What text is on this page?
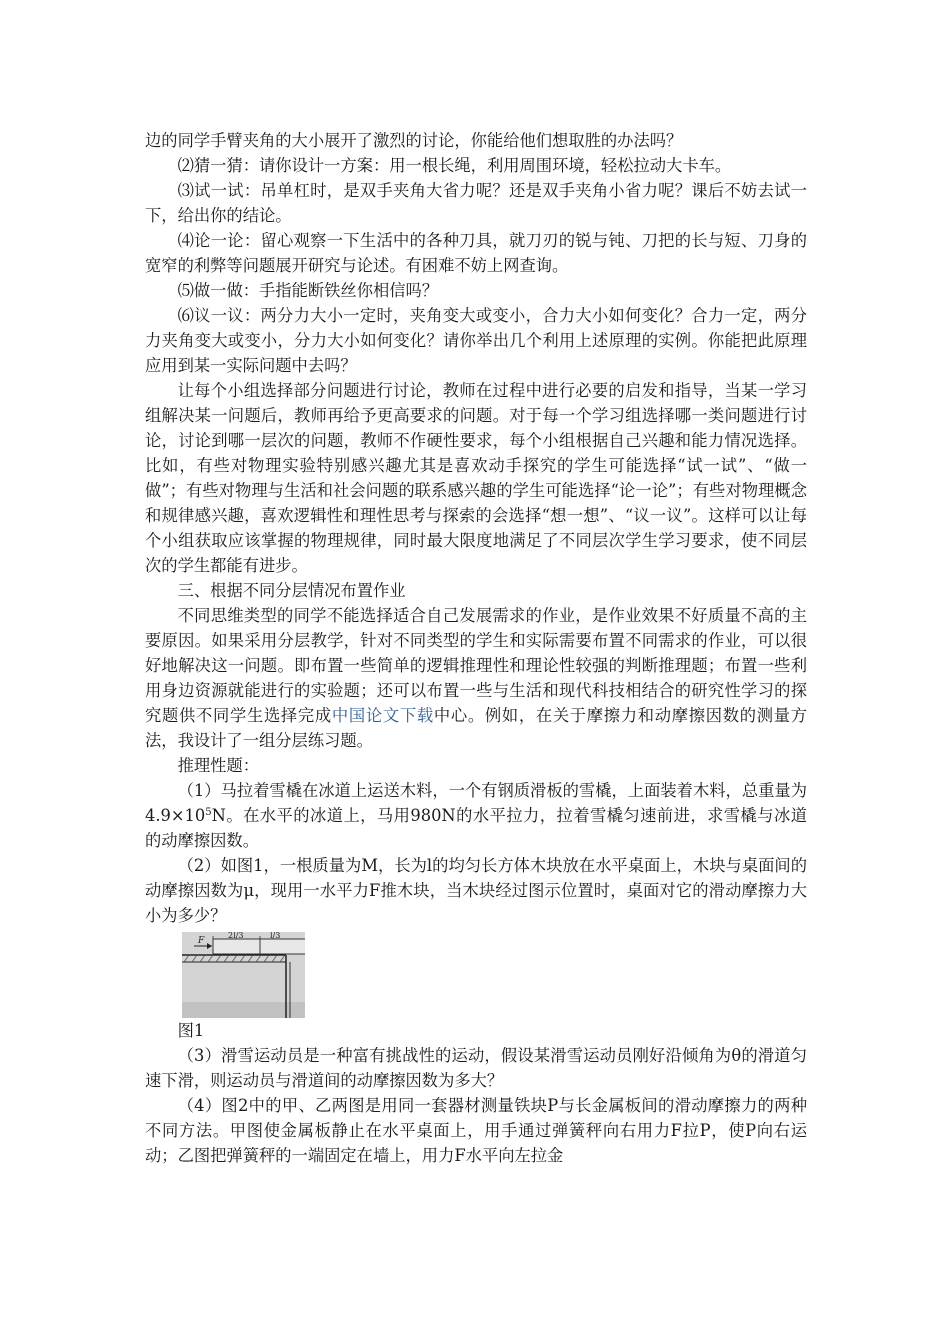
边的同学手臂夹角的大小展开了激烈的讨论，你能给他们想取胜的办法吗？

⑵猜一猜：请你设计一方案：用一根长绳，利用周围环境，轻松拉动大卡车。

⑶试一试：吊单杠时，是双手夹角大省力呢？还是双手夹角小省力呢？课后不妨去试一下，给出你的结论。

⑷论一论：留心观察一下生活中的各种刀具，就刀刃的锐与钝、刀把的长与短、刀身的宽窄的利弊等问题展开研究与论述。有困难不妨上网查询。

⑸做一做：手指能断铁丝你相信吗？

⑹议一议：两分力大小一定时，夹角变大或变小，合力大小如何变化？合力一定，两分力夹角变大或变小，分力大小如何变化？请你举出几个利用上述原理的实例。你能把此原理应用到某一实际问题中去吗？

让每个小组选择部分问题进行讨论，教师在过程中进行必要的启发和指导，当某一学习组解决某一问题后，教师再给予更高要求的问题。对于每一个学习组选择哪一类问题进行讨论，讨论到哪一层次的问题，教师不作硬性要求，每个小组根据自己兴趣和能力情况选择。比如，有些对物理实验特别感兴趣尤其是喜欢动手探究的学生可能选择“试一试”、“做一做”；有些对物理与生活和社会问题的联系感兴趣的学生可能选择“论一论”；有些对物理概念和规律感兴趣，喜欢逻辑性和理性思考与探索的会选择“想一想”、“议一议”。这样可以让每个小组获取应该掌握的物理规律，同时最大限度地满足了不同层次学生学习要求，使不同层次的学生都能有进步。

三、根据不同分层情况布置作业

不同思维类型的同学不能选择适合自己发展需求的作业，是作业效果不好质量不高的主要原因。如果采用分层教学，针对不同类型的学生和实际需要布置不同需求的作业，可以很好地解决这一问题。即布置一些简单的逻辑推理性和理论性较强的判断推理题；布置一些利用身边资源就能进行的实验题；还可以布置一些与生活和现代科技相结合的研究性学习的探究题供不同学生选择完成中国论文下载中心。例如，在关于摩擦力和动摩擦因数的测量方法，我设计了一组分层练习题。

推理性题：

（1）马拉着雪橇在冰道上运送木料，一个有钢质滑板的雪橇，上面装着木料，总重量为$4.9\times 10^5N$。在水平的冰道上，马用980N的水平拉力，拉着雪橇匀速前进，求雪橇与冰道的动摩擦因数。

（2）如图1，一根质量为M，长为l的均匀长方体木块放在水平桌面上，木块与桌面间的动摩擦因数为μ，现用一水平力F推木块，当木块经过图示位置时，桌面对它的滑动摩擦力大小为多少？

F
2l/3	l/3

图1

（3）滑雪运动员是一种富有挑战性的运动，假设某滑雪运动员刚好沿倾角为θ的滑道匀速下滑，则运动员与滑道间的动摩擦因数为多大？

（4）图2中的甲、乙两图是用同一套器材测量铁块P与长金属板间的滑动摩擦力的两种不同方法。甲图使金属板静止在水平桌面上，用手通过弹簧秤向右用力F拉P，使P向右运动；乙图把弹簧秤的一端固定在墙上，用力F水平向左拉金
